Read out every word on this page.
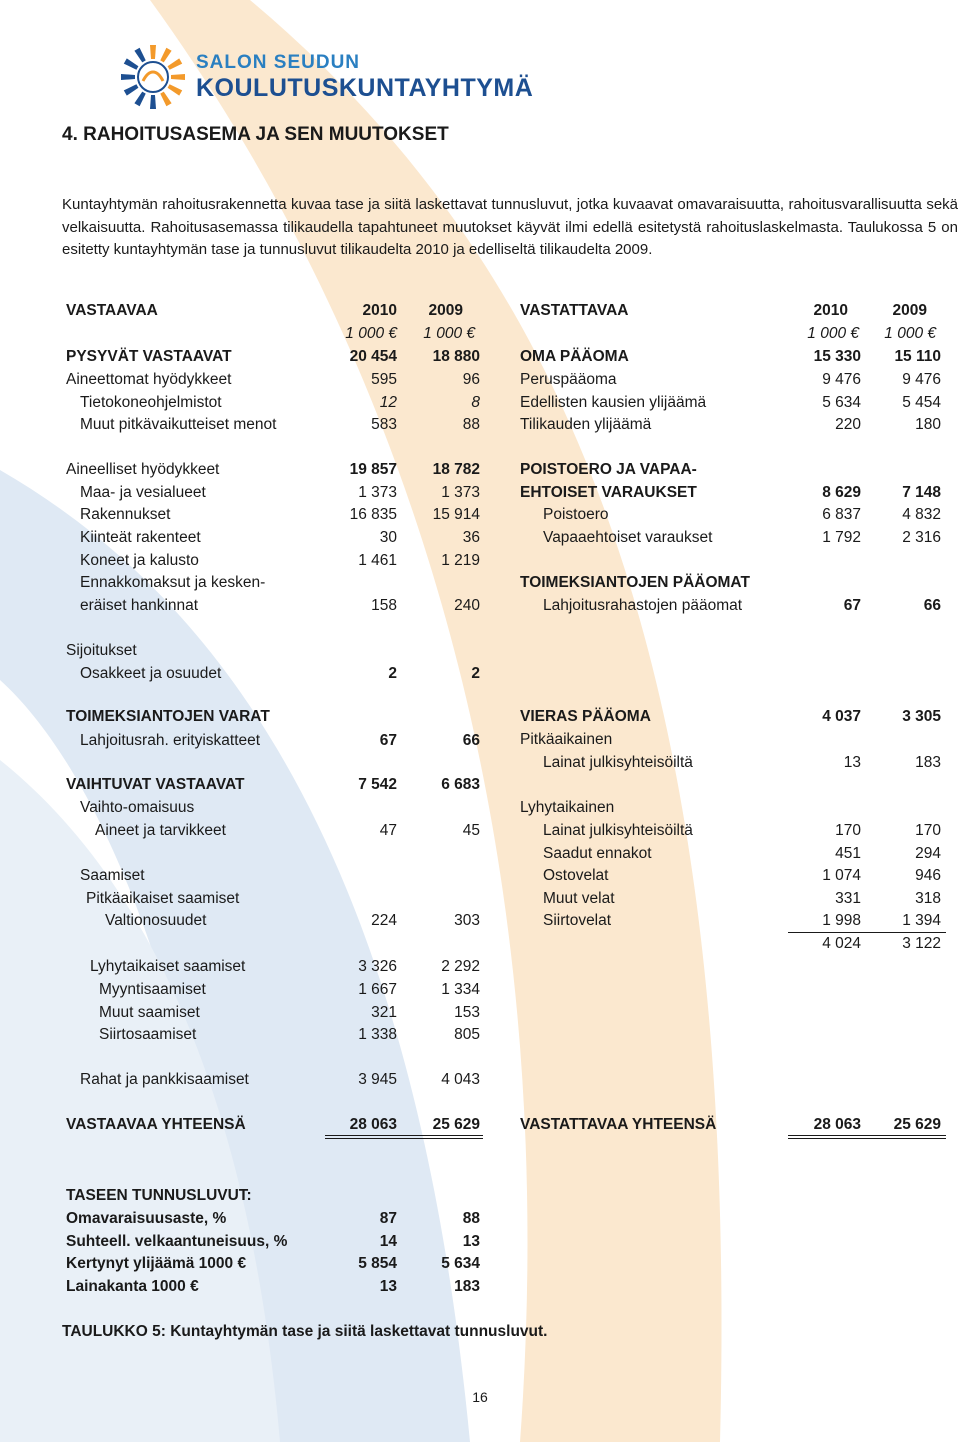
SALON SEUDUN
KOULUTUSKUNTAYHTYMÄ
4. RAHOITUSASEMA JA SEN MUUTOKSET
Kuntayhtymän rahoitusrakennetta kuvaa tase ja siitä laskettavat tunnusluvut, jotka kuvaavat omavaraisuutta, rahoitusvarallisuutta sekä velkaisuutta. Rahoitusasemassa tilikaudella tapahtuneet muutokset käyvät ilmi edellä esitetystä rahoituslaskelmasta. Taulukossa 5 on esitetty kuntayhtymän tase ja tunnusluvut tilikaudelta 2010 ja edelliseltä tilikaudelta 2009.
VASTAAVAA	2010	2009
1 000 €	1 000 €
PYSYVÄT VASTAAVAT	20 454	18 880
Aineettomat hyödykkeet	595	96
Tietokoneohjelmistot	12	8
Muut pitkävaikutteiset menot	583	88
Aineelliset hyödykkeet	19 857	18 782
Maa- ja vesialueet	1 373	1 373
Rakennukset	16 835	15 914
Kiinteät rakenteet	30	36
Koneet ja kalusto	1 461	1 219
Ennakkomaksut ja kesken-
eräiset hankinnat	158	240
Sijoitukset
Osakkeet ja osuudet	2	2
TOIMEKSIANTOJEN VARAT
Lahjoitusrah. erityiskatteet	67	66
VAIHTUVAT VASTAAVAT	7 542	6 683
Vaihto-omaisuus
Aineet ja tarvikkeet	47	45
Saamiset
Pitkäaikaiset saamiset
Valtionosuudet	224	303
Lyhytaikaiset saamiset	3 326	2 292
Myyntisaamiset	1 667	1 334
Muut saamiset	321	153
Siirtosaamiset	1 338	805
Rahat ja pankkisaamiset	3 945	4 043
VASTAAVAA YHTEENSÄ	28 063	25 629
VASTATTAVAA	2010	2009
1 000 €	1 000 €
OMA PÄÄOMA	15 330	15 110
Peruspääoma	9 476	9 476
Edellisten kausien ylijäämä	5 634	5 454
Tilikauden ylijäämä	220	180
POISTOERO JA VAPAA-
EHTOISET VARAUKSET	8 629	7 148
Poistoero	6 837	4 832
Vapaaehtoiset varaukset	1 792	2 316
TOIMEKSIANTOJEN PÄÄOMAT
Lahjoitusrahastojen pääomat	67	66
VIERAS PÄÄOMA	4 037	3 305
Pitkäaikainen
Lainat julkisyhteisöiltä	13	183
Lyhytaikainen
Lainat julkisyhteisöiltä	170	170
Saadut ennakot	451	294
Ostovelat	1 074	946
Muut velat	331	318
Siirtovelat	1 998	1 394
4 024	3 122
VASTATTAVAA YHTEENSÄ	28 063	25 629
TASEEN TUNNUSLUVUT:
Omavaraisuusaste, %	87	88
Suhteell. velkaantuneisuus, %	14	13
Kertynyt ylijäämä 1000 €	5 854	5 634
Lainakanta 1000 €	13	183
TAULUKKO 5: Kuntayhtymän tase ja siitä laskettavat tunnusluvut.
16
